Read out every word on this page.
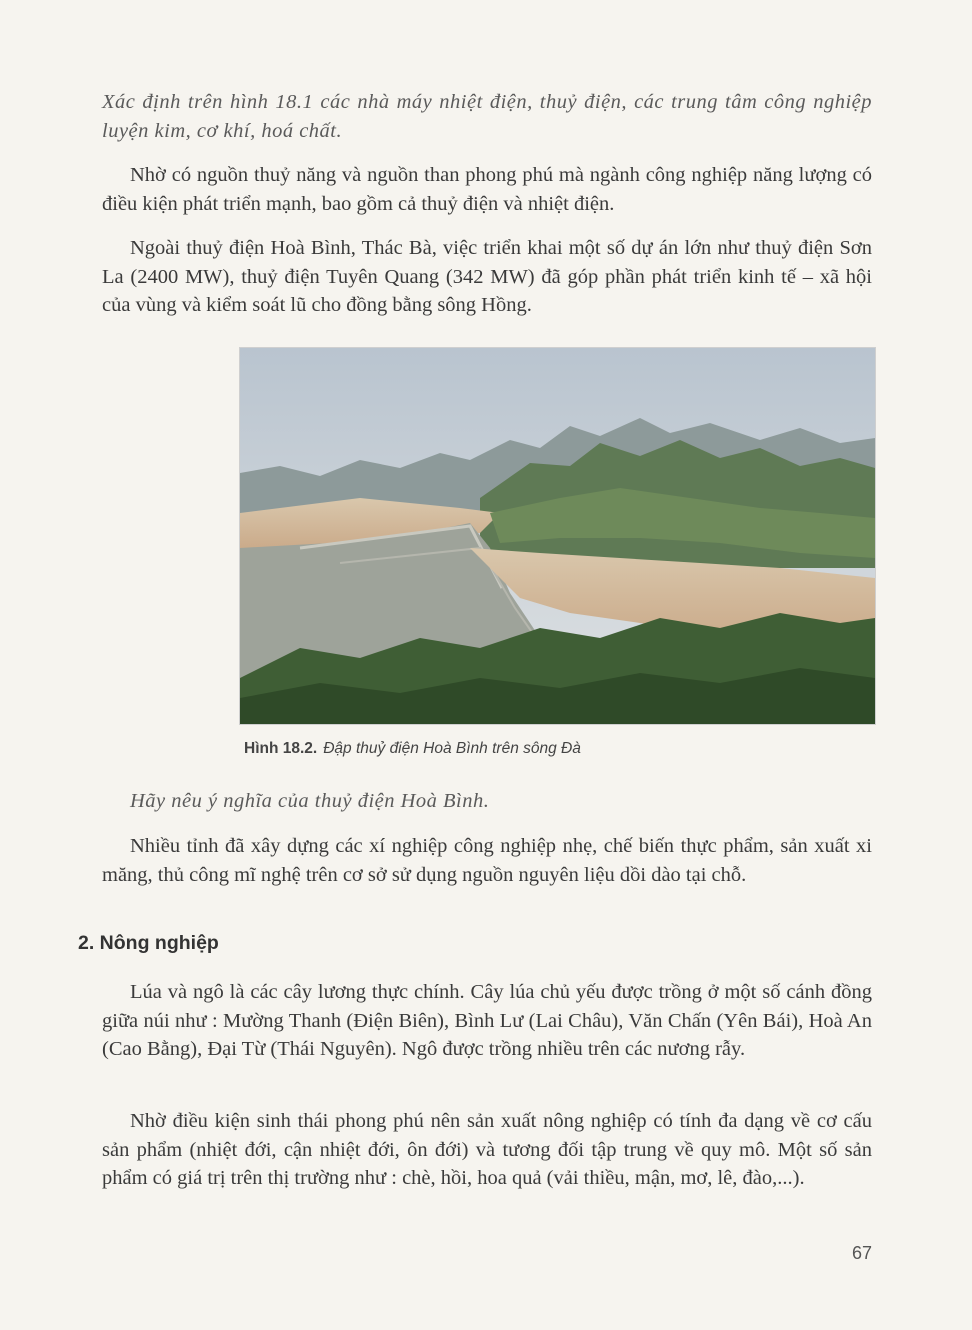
Xác định trên hình 18.1 các nhà máy nhiệt điện, thuỷ điện, các trung tâm công nghiệp luyện kim, cơ khí, hoá chất.

Nhờ có nguồn thuỷ năng và nguồn than phong phú mà ngành công nghiệp năng lượng có điều kiện phát triển mạnh, bao gồm cả thuỷ điện và nhiệt điện.

Ngoài thuỷ điện Hoà Bình, Thác Bà, việc triển khai một số dự án lớn như thuỷ điện Sơn La (2400 MW), thuỷ điện Tuyên Quang (342 MW) đã góp phần phát triển kinh tế – xã hội của vùng và kiểm soát lũ cho đồng bằng sông Hồng.

Hình 18.2. Đập thuỷ điện Hoà Bình trên sông Đà

Hãy nêu ý nghĩa của thuỷ điện Hoà Bình.

Nhiều tỉnh đã xây dựng các xí nghiệp công nghiệp nhẹ, chế biến thực phẩm, sản xuất xi măng, thủ công mĩ nghệ trên cơ sở sử dụng nguồn nguyên liệu dồi dào tại chỗ.

2. Nông nghiệp

Lúa và ngô là các cây lương thực chính. Cây lúa chủ yếu được trồng ở một số cánh đồng giữa núi như : Mường Thanh (Điện Biên), Bình Lư (Lai Châu), Văn Chấn (Yên Bái), Hoà An (Cao Bằng), Đại Từ (Thái Nguyên). Ngô được trồng nhiều trên các nương rẫy.

Nhờ điều kiện sinh thái phong phú nên sản xuất nông nghiệp có tính đa dạng về cơ cấu sản phẩm (nhiệt đới, cận nhiệt đới, ôn đới) và tương đối tập trung về quy mô. Một số sản phẩm có giá trị trên thị trường như : chè, hồi, hoa quả (vải thiều, mận, mơ, lê, đào,...).

67
